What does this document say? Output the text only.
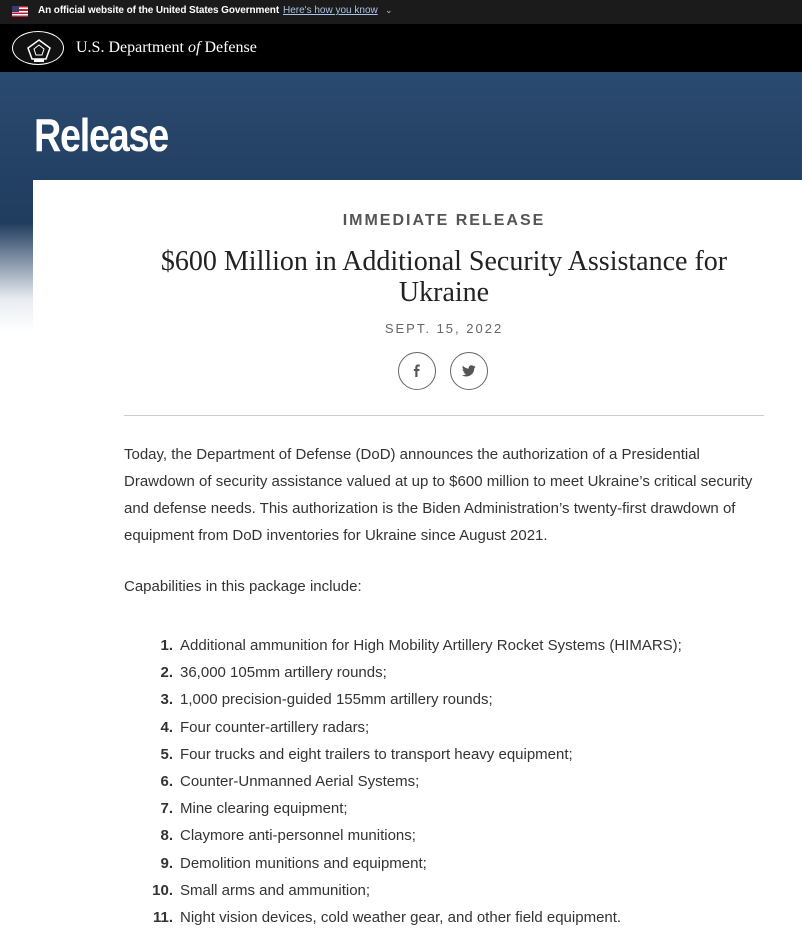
An official website of the United States Government Here's how you know ⌄
U.S. Department of Defense
Release
IMMEDIATE RELEASE
$600 Million in Additional Security Assistance for Ukraine
SEPT. 15, 2022
Today, the Department of Defense (DoD) announces the authorization of a Presidential Drawdown of security assistance valued at up to $600 million to meet Ukraine’s critical security and defense needs. This authorization is the Biden Administration’s twenty-first drawdown of equipment from DoD inventories for Ukraine since August 2021.
Capabilities in this package include:
1. Additional ammunition for High Mobility Artillery Rocket Systems (HIMARS);
2. 36,000 105mm artillery rounds;
3. 1,000 precision-guided 155mm artillery rounds;
4. Four counter-artillery radars;
5. Four trucks and eight trailers to transport heavy equipment;
6. Counter-Unmanned Aerial Systems;
7. Mine clearing equipment;
8. Claymore anti-personnel munitions;
9. Demolition munitions and equipment;
10. Small arms and ammunition;
11. Night vision devices, cold weather gear, and other field equipment.
